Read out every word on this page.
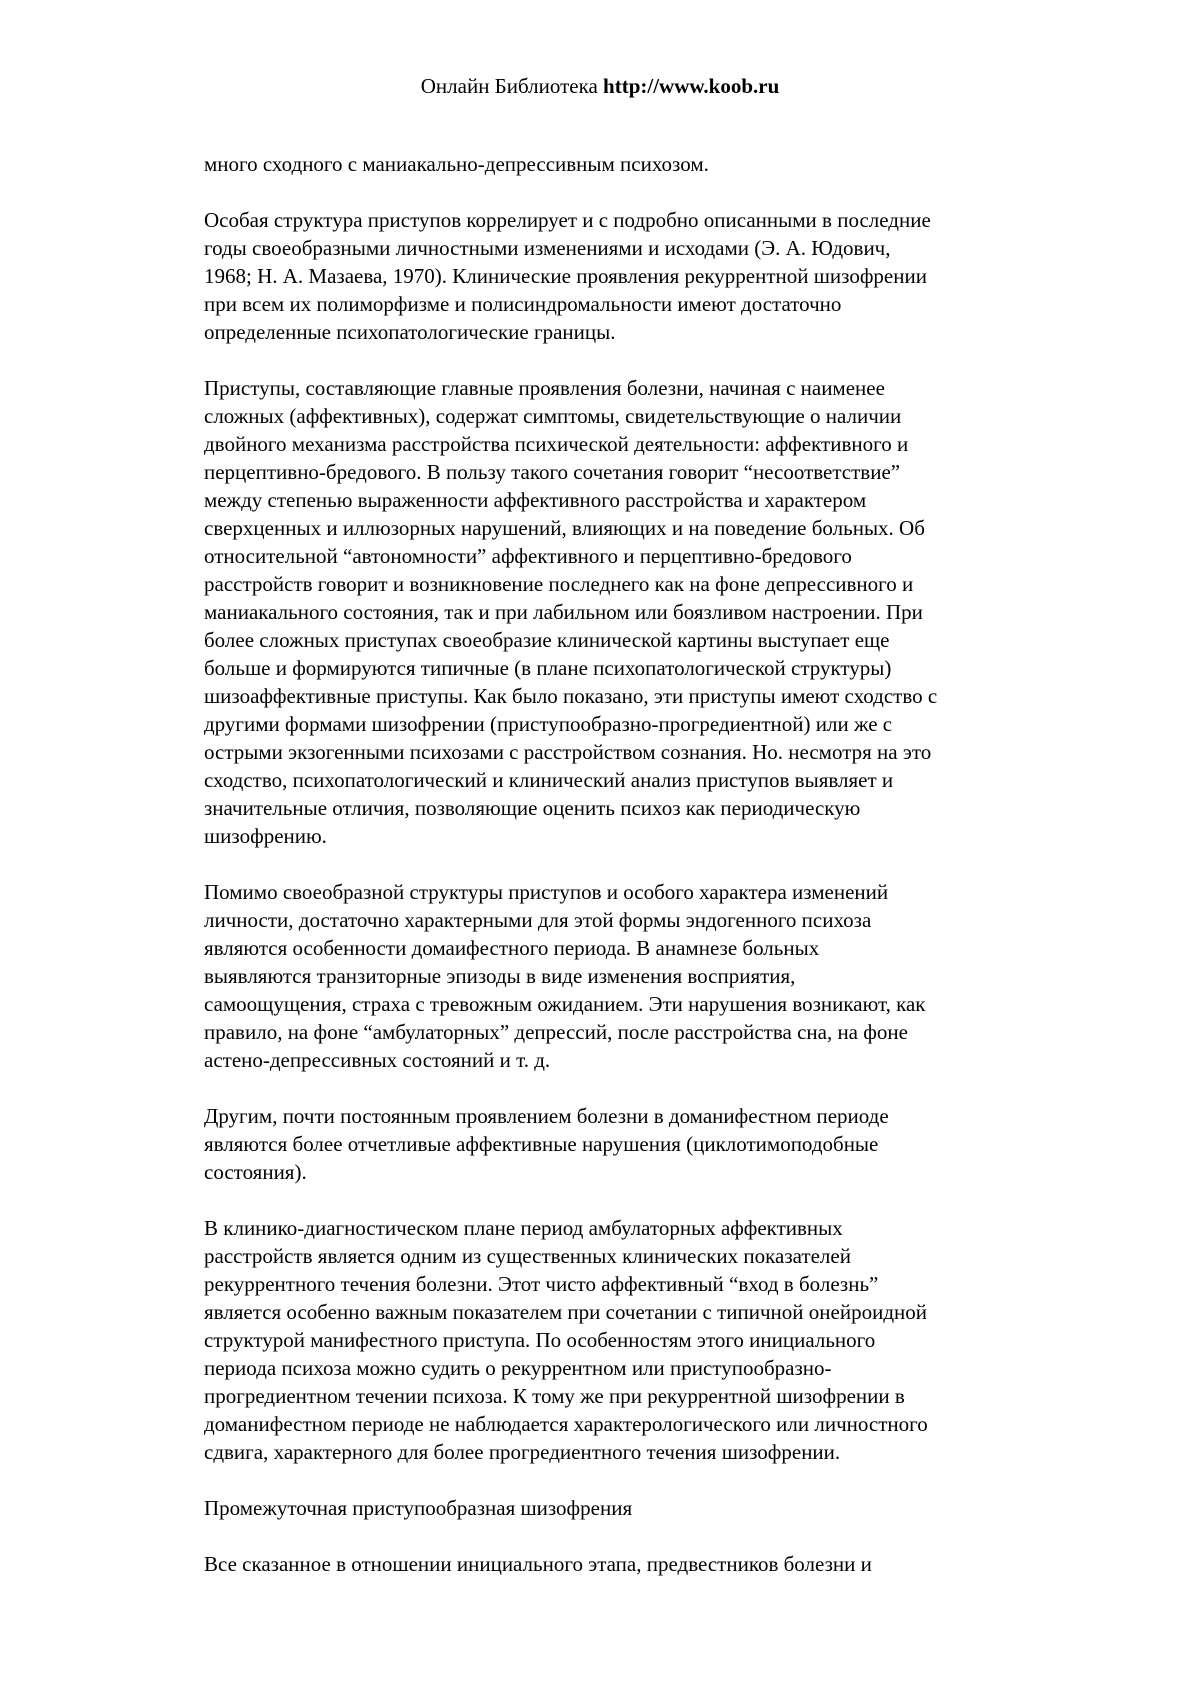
Онлайн Библиотека http://www.koob.ru

много сходного с маниакально-депрессивным психозом.

Особая структура приступов коррелирует и с подробно описанными в последние
годы своеобразными личностными изменениями и исходами (Э. А. Юдович,
1968; Н. А. Мазаева, 1970). Клинические проявления рекуррентной шизофрении
при всем их полиморфизме и полисиндромальности имеют достаточно
определенные психопатологические границы.

Приступы, составляющие главные проявления болезни, начиная с наименее
сложных (аффективных), содержат симптомы, свидетельствующие о наличии
двойного механизма расстройства психической деятельности: аффективного и
перцептивно-бредового. В пользу такого сочетания говорит “несоответствие”
между степенью выраженности аффективного расстройства и характером
сверхценных и иллюзорных нарушений, влияющих и на поведение больных. Об
относительной “автономности” аффективного и перцептивно-бредового
расстройств говорит и возникновение последнего как на фоне депрессивного и
маниакального состояния, так и при лабильном или боязливом настроении. При
более сложных приступах своеобразие клинической картины выступает еще
больше и формируются типичные (в плане психопатологической структуры)
шизоаффективные приступы. Как было показано, эти приступы имеют сходство с
другими формами шизофрении (приступообразно-прогредиентной) или же с
острыми экзогенными психозами с расстройством сознания. Но. несмотря на это
сходство, психопатологический и клинический анализ приступов выявляет и
значительные отличия, позволяющие оценить психоз как периодическую
шизофрению.

Помимо своеобразной структуры приступов и особого характера изменений
личности, достаточно характерными для этой формы эндогенного психоза
являются особенности домаифестного периода. В анамнезе больных
выявляются транзиторные эпизоды в виде изменения восприятия,
самоощущения, страха с тревожным ожиданием. Эти нарушения возникают, как
правило, на фоне “амбулаторных” депрессий, после расстройства сна, на фоне
астено-депрессивных состояний и т. д.

Другим, почти постоянным проявлением болезни в доманифестном периоде
являются более отчетливые аффективные нарушения (циклотимоподобные
состояния).

В клинико-диагностическом плане период амбулаторных аффективных
расстройств является одним из существенных клинических показателей
рекуррентного течения болезни. Этот чисто аффективный “вход в болезнь”
является особенно важным показателем при сочетании с типичной онейроидной
структурой манифестного приступа. По особенностям этого инициального
периода психоза можно судить о рекуррентном или приступообразно-
прогредиентном течении психоза. К тому же при рекуррентной шизофрении в
доманифестном периоде не наблюдается характерологического или личностного
сдвига, характерного для более прогредиентного течения шизофрении.

Промежуточная приступообразная шизофрения

Все сказанное в отношении инициального этапа, предвестников болезни и
